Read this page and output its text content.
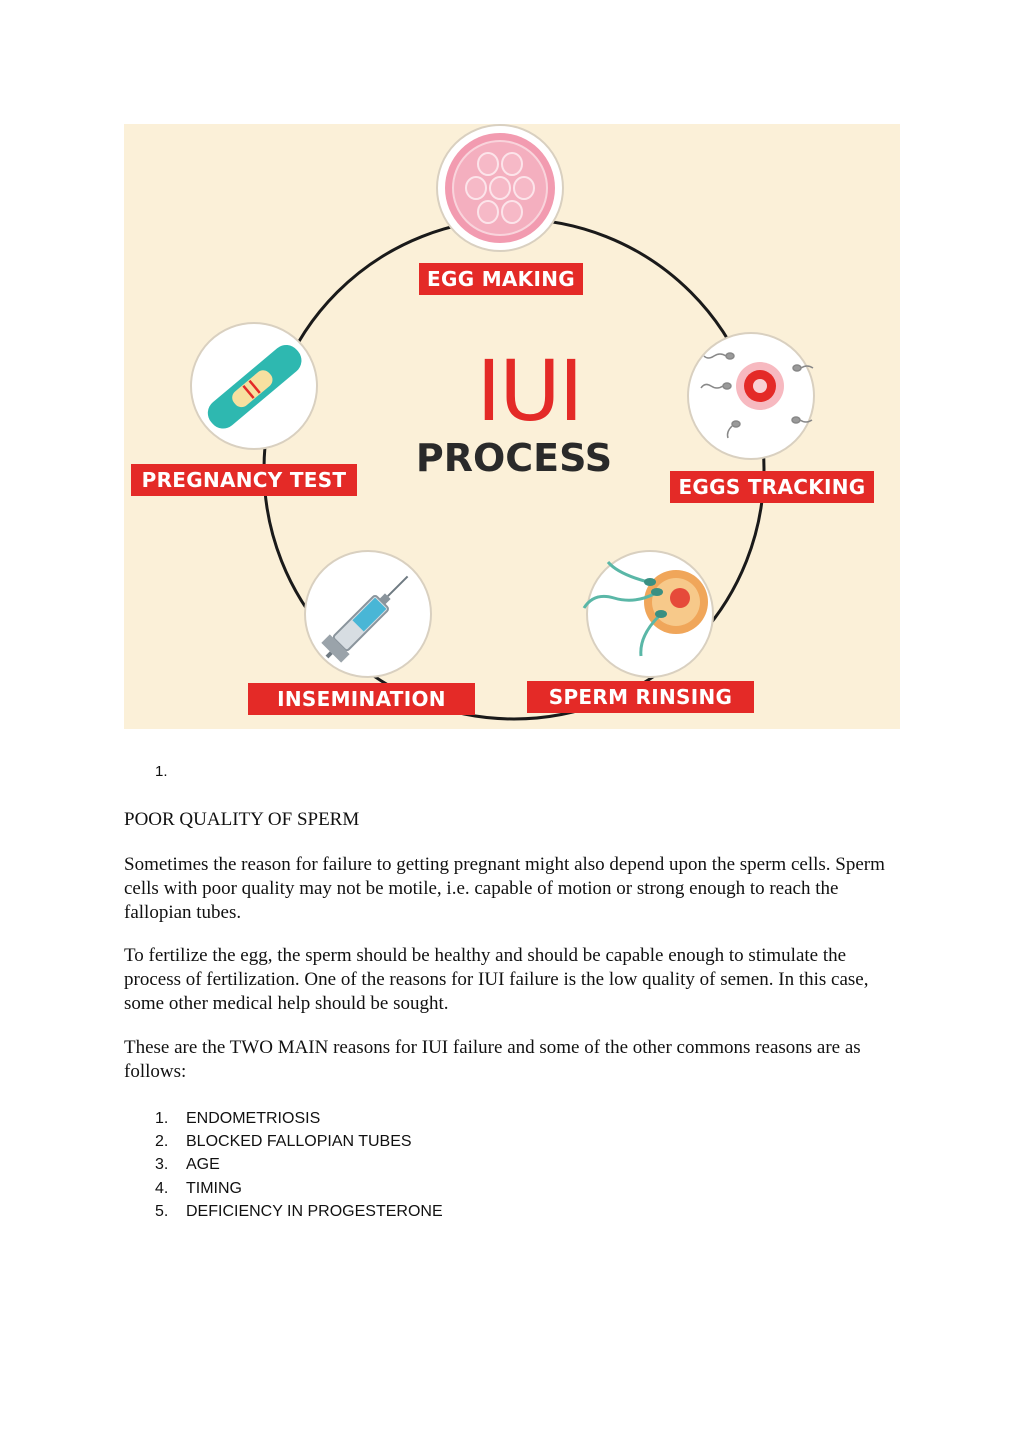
EGG MAKING
EGGS TRACKING
SPERM RINSING
INSEMINATION
PREGNANCY TEST
IUI
PROCESS
1.
POOR QUALITY OF SPERM

Sometimes the reason for failure to getting pregnant might also depend upon the sperm cells. Sperm cells with poor quality may not be motile, i.e. capable of motion or strong enough to reach the fallopian tubes.

To fertilize the egg, the sperm should be healthy and should be capable enough to stimulate the process of fertilization. One of the reasons for IUI failure is the low quality of semen. In this case, some other medical help should be sought.

These are the TWO MAIN reasons for IUI failure and some of the other commons reasons are as follows:

1. ENDOMETRIOSIS
2. BLOCKED FALLOPIAN TUBES
3. AGE
4. TIMING
5. DEFICIENCY IN PROGESTERONE
